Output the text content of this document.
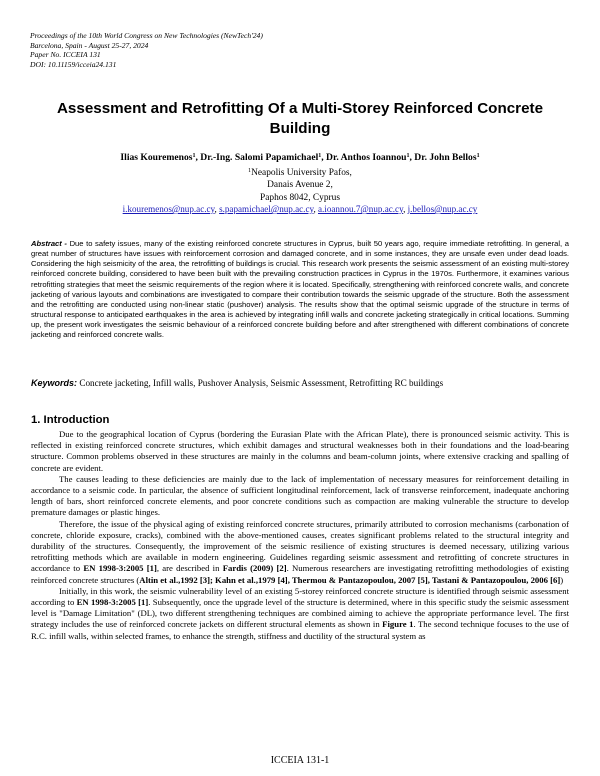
Proceedings of the 10th World Congress on New Technologies (NewTech'24)
Barcelona, Spain - August 25-27, 2024
Paper No. ICCEIA 131
DOI: 10.11159/icceia24.131
Assessment and Retrofitting Of a Multi-Storey Reinforced Concrete Building
Ilias Kouremenos$^1$, Dr.-Ing. Salomi Papamichael$^1$, Dr. Anthos Ioannou$^1$, Dr. John Bellos$^1$
$^1$Neapolis University Pafos,
Danais Avenue 2,
Paphos 8042, Cyprus
i.kouremenos@nup.ac.cy, s.papamichael@nup.ac.cy, a.ioannou.7@nup.ac.cy, j.bellos@nup.ac.cy
Abstract - Due to safety issues, many of the existing reinforced concrete structures in Cyprus, built 50 years ago, require immediate retrofitting. In general, a great number of structures have issues with reinforcement corrosion and damaged concrete, and in some instances, they are unsafe even under dead loads. Considering the high seismicity of the area, the retrofitting of buildings is crucial. This research work presents the seismic assessment of an existing multi-storey reinforced concrete building, considered to have been built with the prevailing construction practices in Cyprus in the 1970s. Furthermore, it examines various retrofitting strategies that meet the seismic requirements of the region where it is located. Specifically, strengthening with reinforced concrete walls, and concrete jacketing of various layouts and combinations are investigated to compare their contribution towards the seismic upgrade of the structure. Both the assessment and the retrofitting are conducted using non-linear static (pushover) analysis. The results show that the optimal seismic upgrade of the structure in terms of structural response to anticipated earthquakes in the area is achieved by integrating infill walls and concrete jacketing strategically in critical locations. Summing up, the present work investigates the seismic behaviour of a reinforced concrete building before and after strengthened with different combinations of concrete jacketing and reinforced concrete walls.
Keywords: Concrete jacketing, Infill walls, Pushover Analysis, Seismic Assessment, Retrofitting RC buildings
1. Introduction

Due to the geographical location of Cyprus (bordering the Eurasian Plate with the African Plate), there is pronounced seismic activity. This is reflected in existing reinforced concrete structures, which exhibit damages and structural weaknesses both in their foundations and the load-bearing structure. Common problems observed in these structures are mainly in the columns and beam-column joints, where extensive cracking and spalling of concrete are evident.

The causes leading to these deficiencies are mainly due to the lack of implementation of necessary measures for reinforcement detailing in accordance to a seismic code. In particular, the absence of sufficient longitudinal reinforcement, lack of transverse reinforcement, inadequate anchoring length of bars, short reinforced concrete elements, and poor concrete conditions such as compaction are making vulnerable the structure to develop premature damages or plastic hinges.

Therefore, the issue of the physical aging of existing reinforced concrete structures, primarily attributed to corrosion mechanisms (carbonation of concrete, chloride exposure, cracks), combined with the above-mentioned causes, creates significant problems related to the structural integrity and durability of the structures. Consequently, the improvement of the seismic resilience of existing structures is deemed necessary, utilizing various retrofitting methods which are available in modern engineering. Guidelines regarding seismic assessment and retrofitting of concrete structures in accordance to EN 1998-3:2005 [1], are described in Fardis (2009) [2]. Numerous researchers are investigating retrofitting methodologies of existing reinforced concrete structures (Altin et al.,1992 [3]; Kahn et al.,1979 [4], Thermou & Pantazopoulou, 2007 [5], Tastani & Pantazopoulou, 2006 [6])

Initially, in this work, the seismic vulnerability level of an existing 5-storey reinforced concrete structure is identified through seismic assessment according to EN 1998-3:2005 [1]. Subsequently, once the upgrade level of the structure is determined, where in this specific study the seismic assessment level is "Damage Limitation" (DL), two different strengthening techniques are combined aiming to achieve the appropriate performance level. The first strategy includes the use of reinforced concrete jackets on different structural elements as shown in Figure 1. The second technique focuses to the use of R.C. infill walls, within selected frames, to enhance the strength, stiffness and ductility of the structural system as

ICCEIA 131-1
